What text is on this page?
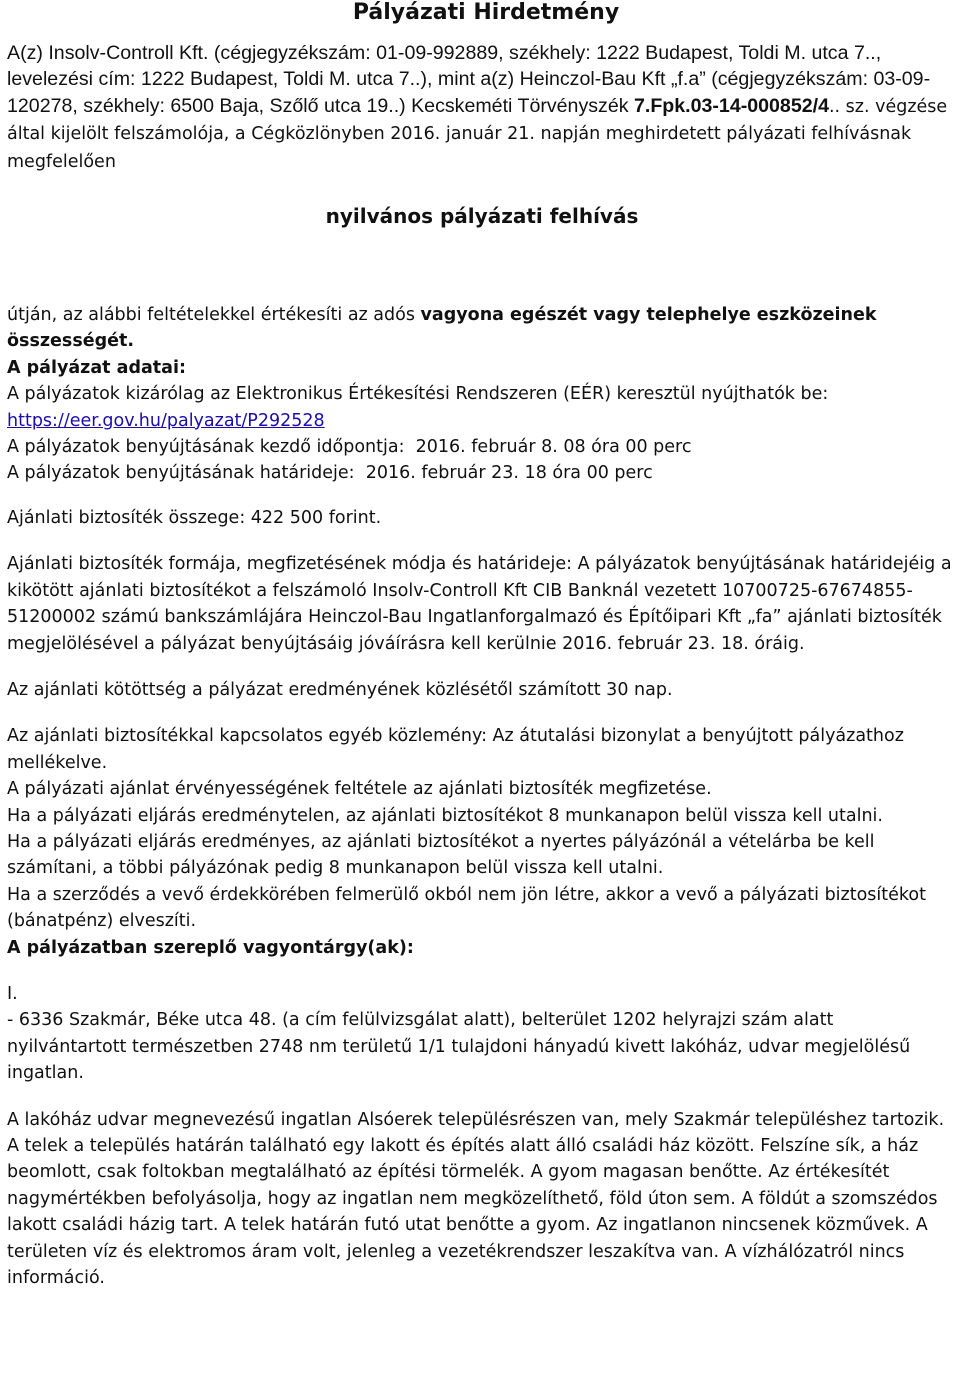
Pályázati Hirdetmény

A(z) Insolv-Controll Kft. (cégjegyzékszám: 01-09-992889, székhely: 1222 Budapest, Toldi M. utca 7.., levelezési cím: 1222 Budapest, Toldi M. utca 7..), mint a(z) Heinczol-Bau Kft „f.a” (cégjegyzékszám: 03-09-120278, székhely: 6500 Baja, Szőlő utca 19..) Kecskeméti Törvényszék 7.Fpk.03-14-000852/4.. sz. végzése által kijelölt felszámolója, a Cégközlönyben 2016. január 21. napján meghirdetett pályázati felhívásnak megfelelően

nyilvános pályázati felhívás

útján, az alábbi feltételekkel értékesíti az adós vagyona egészét vagy telephelye eszközeinek összességét.

A pályázat adatai:

A pályázatok kizárólag az Elektronikus Értékesítési Rendszeren (EÉR) keresztül nyújthatók be: https://eer.gov.hu/palyazat/P292528

A pályázatok benyújtásának kezdő időpontja: 2016. február 8. 08 óra 00 perc

A pályázatok benyújtásának határideje: 2016. február 23. 18 óra 00 perc

Ajánlati biztosíték összege: 422 500 forint.

Ajánlati biztosíték formája, megfizetésének módja és határideje: A pályázatok benyújtásának határidejéig a kikötött ajánlati biztosítékot a felszámoló Insolv-Controll Kft CIB Banknál vezetett 10700725-67674855-51200002 számú bankszámlájára Heinczol-Bau Ingatlanforgalmazó és Építőipari Kft „fa” ajánlati biztosíték megjelölésével a pályázat benyújtásáig jóváírásra kell kerülnie 2016. február 23. 18. óráig.

Az ajánlati kötöttség a pályázat eredményének közlésétől számított 30 nap.

Az ajánlati biztosítékkal kapcsolatos egyéb közlemény: Az átutalási bizonylat a benyújtott pályázathoz mellékelve.

A pályázati ajánlat érvényességének feltétele az ajánlati biztosíték megfizetése.

Ha a pályázati eljárás eredménytelen, az ajánlati biztosítékot 8 munkanapon belül vissza kell utalni.

Ha a pályázati eljárás eredményes, az ajánlati biztosítékot a nyertes pályázónál a vételárba be kell számítani, a többi pályázónak pedig 8 munkanapon belül vissza kell utalni.

Ha a szerződés a vevő érdekkörében felmerülő okból nem jön létre, akkor a vevő a pályázati biztosítékot (bánatpénz) elveszíti.

A pályázatban szereplő vagyontárgy(ak):

I.

- 6336 Szakmár, Béke utca 48. (a cím felülvizsgálat alatt), belterület 1202 helyrajzi szám alatt nyilvántartott természetben 2748 nm területű 1/1 tulajdoni hányadú kivett lakóház, udvar megjelölésű ingatlan.

A lakóház udvar megnevezésű ingatlan Alsóerek településrészen van, mely Szakmár településhez tartozik. A telek a település határán található egy lakott és építés alatt álló családi ház között. Felszíne sík, a ház beomlott, csak foltokban megtalálható az építési törmelék. A gyom magasan benőtte. Az értékesítét nagymértékben befolyásolja, hogy az ingatlan nem megközelíthető, föld úton sem. A földút a szomszédos lakott családi házig tart. A telek határán futó utat benőtte a gyom. Az ingatlanon nincsenek közművek. A területen víz és elektromos áram volt, jelenleg a vezetékrendszer leszakítva van. A vízhálózatról nincs információ.
